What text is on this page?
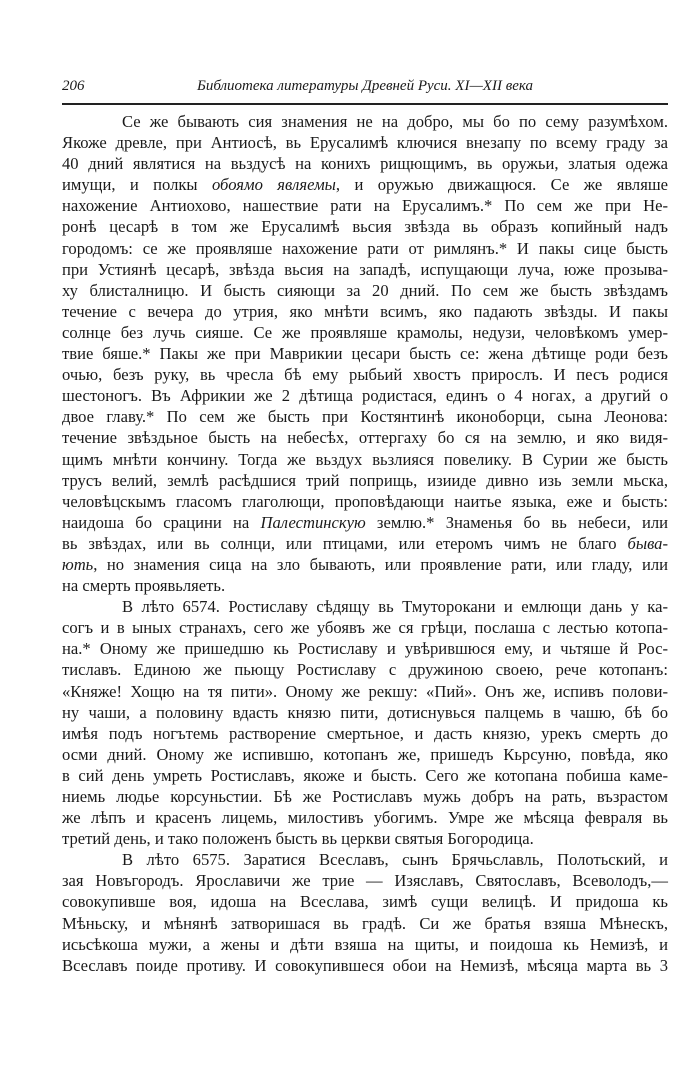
206	Библиотека литературы Древней Руси. XI—XII века
Се же бывають сия знамения не на добро, мы бо по сему разумѣхом.
Якоже древле, при Антиосѣ, вь Ерусалимѣ ключися внезапу по всему граду за
40 дний являтися на вьздусѣ на конихъ рищющимъ, вь оружьи, златыя одежа
имущи, и полкы обоямо являемы, и оружью движащюся. Се же являше
нахожение Антиохово, нашествие рати на Ерусалимъ.* По сем же при Не-
ронѣ цесарѣ в том же Ерусалимѣ вьсия звѣзда вь образъ копийный надъ
городомъ: се же проявляше нахожение рати от римлянъ.* И пакы сице бысть
при Устиянѣ цесарѣ, звѣзда вьсия на западѣ, испущающи луча, юже прозыва-
ху блисталницю. И бысть сияющи за 20 дний. По сем же бысть звѣздамъ
течение с вечера до утрия, яко мнѣти всимъ, яко падають звѣзды. И пакы
солнце без лучь сияше. Се же проявляше крамолы, недузи, человѣкомъ умер-
твие бяше.* Пакы же при Маврикии цесари бысть се: жена дѣтище роди безъ
очью, безъ руку, вь чресла бѣ ему рыбьий хвостъ прирослъ. И песъ родися
шестоногъ. Въ Африкии же 2 дѣтища родистася, единъ о 4 ногах, а другий о
двое главу.* По сем же бысть при Костянтинѣ иконоборци, сына Леонова:
течение звѣздьное бысть на небесѣх, оттергаху бо ся на землю, и яко видя-
щимъ мнѣти кончину. Тогда же вьздух вьзлияся повелику. В Сурии же бысть
трусъ велий, землѣ расѣдшися трий поприщь, изииде дивно изь земли мьска,
человѣцскымъ гласомъ глаголющи, проповѣдающи наитье языка, еже и бысть:
наидоша бо срацини на Палестинскую землю.* Знаменья бо вь небеси, или
вь звѣздах, или вь солнци, или птицами, или етеромъ чимъ не благо быва-
ють, но знамения сица на зло бывають, или проявление рати, или гладу, или
на смерть проявьляеть.
В лѣто 6574. Ростиславу сѣдящу вь Тмуторокани и емлющи дань у ка-
согъ и в ыных странахъ, сего же убоявъ же ся грѣци, послаша с лестью котопа-
на.* Оному же пришедшю кь Ростиславу и увѣрившюся ему, и чьтяше й Рос-
тиславъ. Единою же пьющу Ростиславу с дружиною своею, рече котопанъ:
«Княже! Хощю на тя пити». Оному же рекшу: «Пий». Онъ же, испивъ полови-
ну чаши, а половину вдасть князю пити, дотиснувься палцемь в чашю, бѣ бо
имѣя подъ ногътемь растворение смертьное, и дасть князю, урекъ смерть до
осми дний. Оному же испившю, котопанъ же, пришедъ Кьрсуню, повѣда, яко
в сий день умреть Ростиславъ, якоже и бысть. Сего же котопана побиша каме-
ниемь людье корсуньстии. Бѣ же Ростиславъ мужь добръ на рать, възрастом
же лѣпъ и красенъ лицемь, милостивъ убогимъ. Умре же мѣсяца февраля вь
третий день, и тако положенъ бысть вь церкви святыя Богородица.
В лѣто 6575. Заратися Всеславъ, сынъ Брячьславль, Полотьский, и
зая Новъгородъ. Ярославичи же трие — Изяславъ, Святославъ, Всеволодъ,—
совокупивше воя, идоша на Всеслава, зимѣ сущи велицѣ. И придоша кь
Мѣньску, и мѣнянѣ затворишася вь градѣ. Си же братья взяша Мѣнескъ,
исьсѣкоша мужи, а жены и дѣти взяша на щиты, и поидоша кь Немизѣ, и
Всеславъ поиде противу. И совокупившеся обои на Немизѣ, мѣсяца марта вь 3
